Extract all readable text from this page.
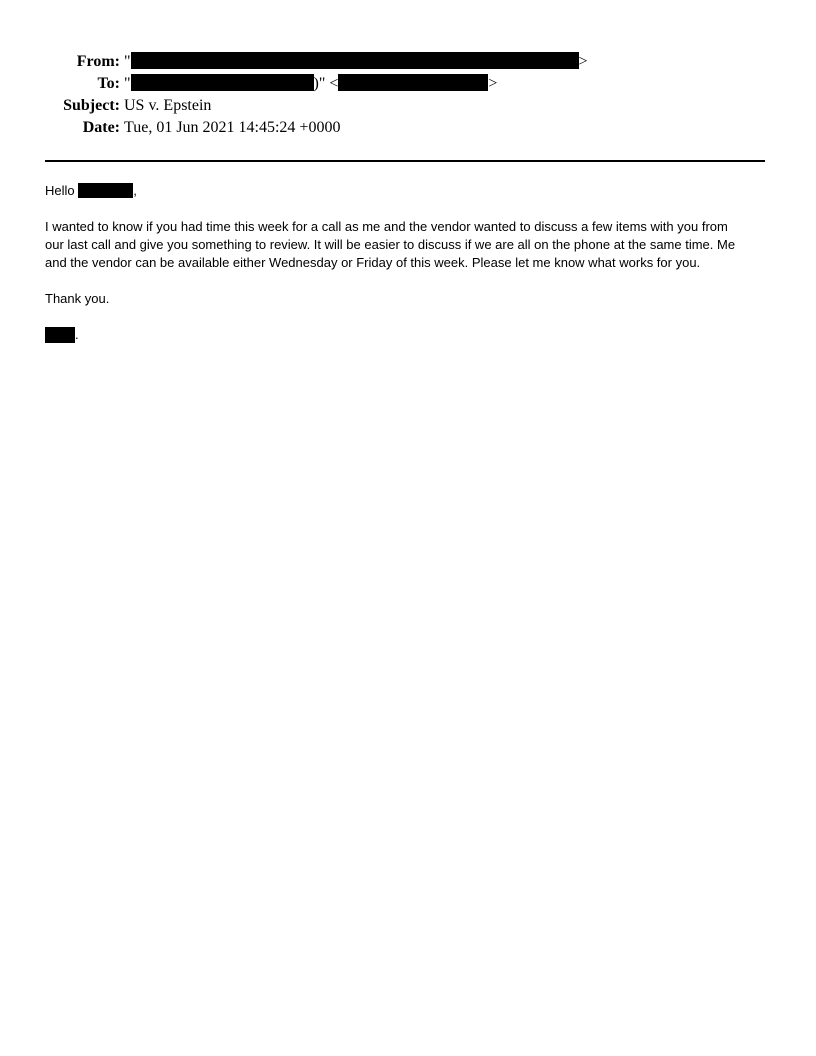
From: "	>
To: "	)" <	>
Subject: US v. Epstein
Date: Tue, 01 Jun 2021 14:45:24 +0000

Hello	,

I wanted to know if you had time this week for a call as me and the vendor wanted to discuss a few items with you from
our last call and give you something to review. It will be easier to discuss if we are all on the phone at the same time. Me
and the vendor can be available either Wednesday or Friday of this week. Please let me know what works for you.

Thank you.

.
